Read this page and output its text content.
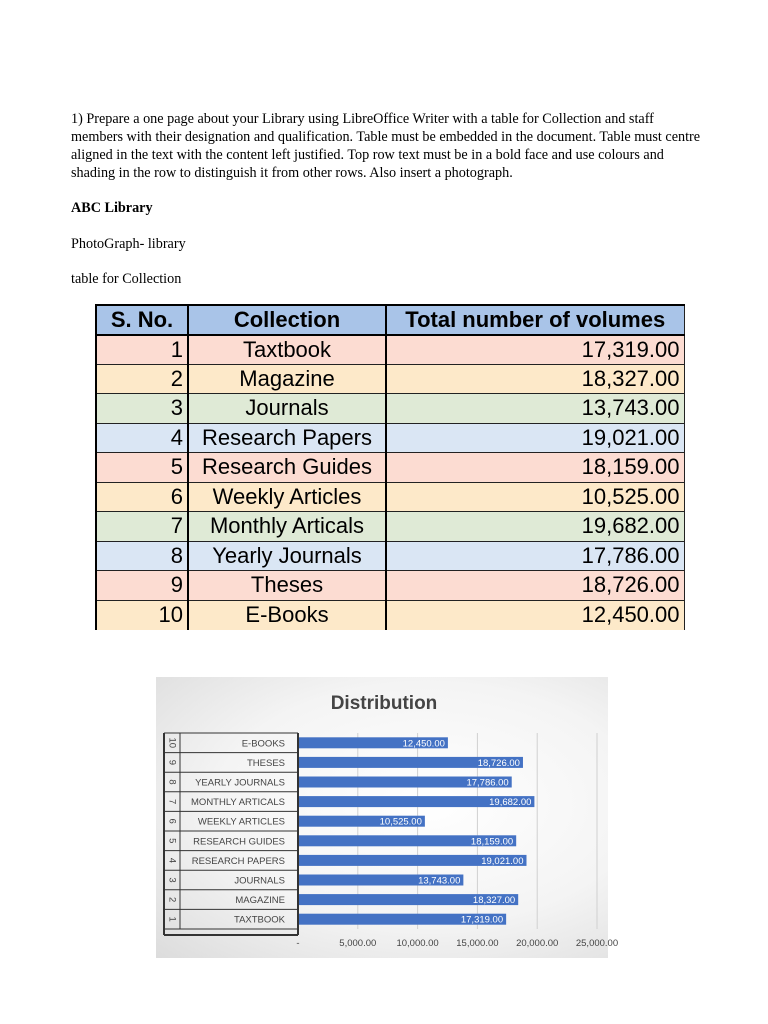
1) Prepare a one page about your Library using LibreOffice Writer with a table for Collection and staff members with their designation and qualification. Table must be embedded in the document. Table must centre aligned in the text with the content left justified. Top row text must be in a bold face and use colours and shading in the row to distinguish it from other rows. Also insert a photograph.

ABC Library

PhotoGraph- library

table for Collection

S. No.	Collection	Total number of volumes
1	Taxtbook	17,319.00
2	Magazine	18,327.00
3	Journals	13,743.00
4	Research Papers	19,021.00
5	Research Guides	18,159.00
6	Weekly Articles	10,525.00
7	Monthly Articals	19,682.00
8	Yearly Journals	17,786.00
9	Theses	18,726.00
10	E-Books	12,450.00
Distribution
10	E-BOOKS
9	THESES
8 YEARLY JOURNALS
7 MONTHLY ARTICALS
6 WEEKLY ARTICLES
5 RESEARCH GUIDES
4 RESEARCH PAPERS
3	JOURNALS
2	MAGAZINE
1	TAXTBOOK
12,450.00
18,726.00
17,786.00
19,682.00
10,525.00
18,159.00
19,021.00
13,743.00
18,327.00
17,319.00
-	5,000.00 10,000.00 15,000.00 20,000.00 25,000.00
